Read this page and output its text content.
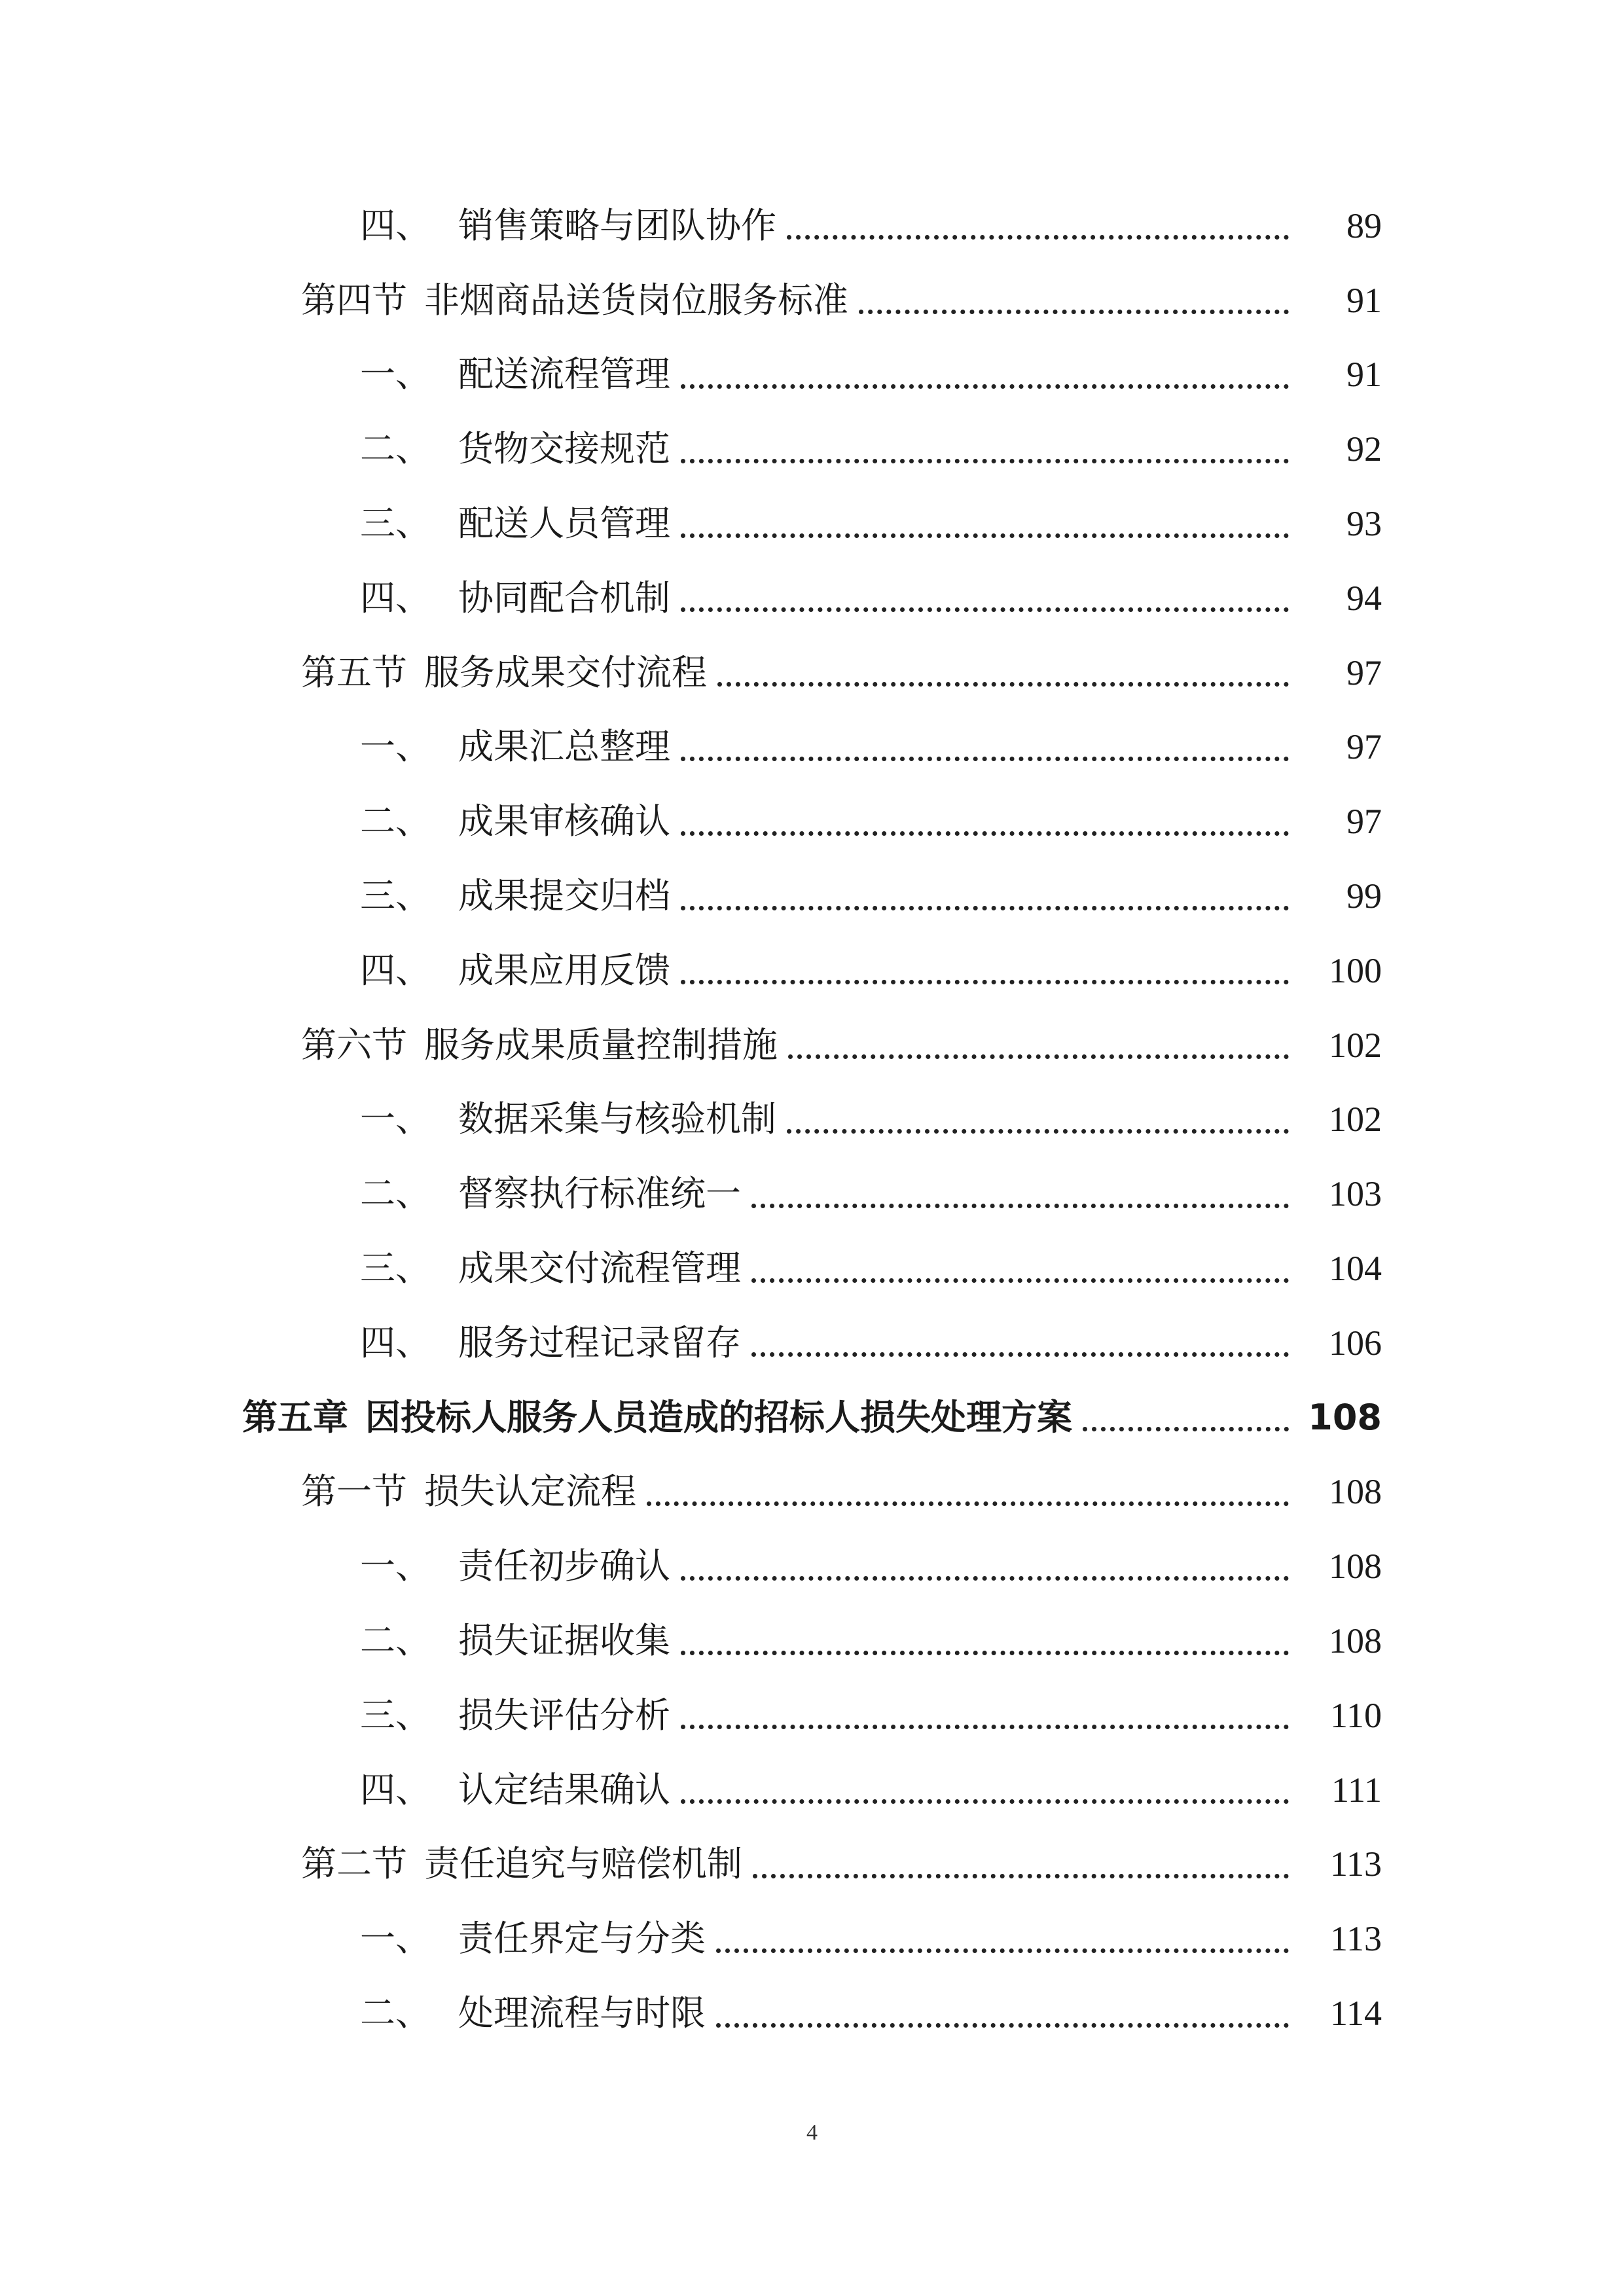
四、 销售策略与团队协作	89
第四节 非烟商品送货岗位服务标准	91
一、 配送流程管理	91
二、 货物交接规范	92
三、 配送人员管理	93
四、 协同配合机制	94
第五节 服务成果交付流程	97
一、 成果汇总整理	97
二、 成果审核确认	97
三、 成果提交归档	99
四、 成果应用反馈	100
第六节 服务成果质量控制措施	102
一、 数据采集与核验机制	102
二、 督察执行标准统一	103
三、 成果交付流程管理	104
四、 服务过程记录留存	106
第五章 因投标人服务人员造成的招标人损失处理方案	108
第一节 损失认定流程	108
一、 责任初步确认	108
二、 损失证据收集	108
三、 损失评估分析	110
四、 认定结果确认	111
第二节 责任追究与赔偿机制	113
一、 责任界定与分类	113
二、 处理流程与时限	114
4
